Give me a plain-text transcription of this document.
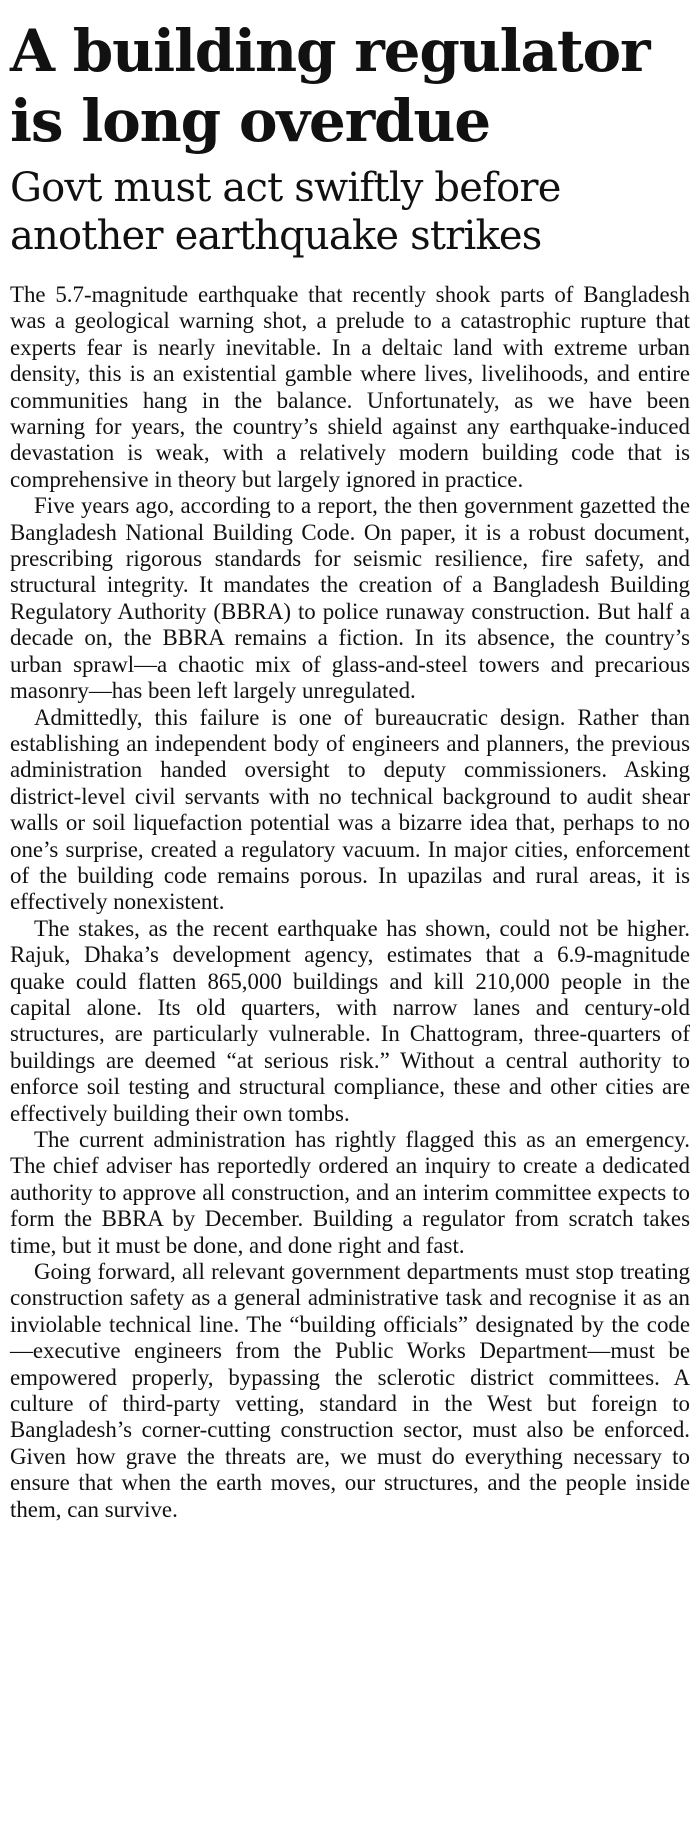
A building regulator is long overdue
Govt must act swiftly before another earthquake strikes

The 5.7-magnitude earthquake that recently shook parts of Bangladesh was a geological warning shot, a prelude to a catastrophic rupture that experts fear is nearly inevitable. In a deltaic land with extreme urban density, this is an existential gamble where lives, livelihoods, and entire communities hang in the balance. Unfortunately, as we have been warning for years, the country’s shield against any earthquake-induced devastation is weak, with a relatively modern building code that is comprehensive in theory but largely ignored in practice.

Five years ago, according to a report, the then government gazetted the Bangladesh National Building Code. On paper, it is a robust document, prescribing rigorous standards for seismic resilience, fire safety, and structural integrity. It mandates the creation of a Bangladesh Building Regulatory Authority (BBRA) to police runaway construction. But half a decade on, the BBRA remains a fiction. In its absence, the country’s urban sprawl—a chaotic mix of glass-and-steel towers and precarious masonry—has been left largely unregulated.

Admittedly, this failure is one of bureaucratic design. Rather than establishing an independent body of engineers and planners, the previous administration handed oversight to deputy commissioners. Asking district-level civil servants with no technical background to audit shear walls or soil liquefaction potential was a bizarre idea that, perhaps to no one’s surprise, created a regulatory vacuum. In major cities, enforcement of the building code remains porous. In upazilas and rural areas, it is effectively nonexistent.

The stakes, as the recent earthquake has shown, could not be higher. Rajuk, Dhaka’s development agency, estimates that a 6.9-magnitude quake could flatten 865,000 buildings and kill 210,000 people in the capital alone. Its old quarters, with narrow lanes and century-old structures, are particularly vulnerable. In Chattogram, three-quarters of buildings are deemed “at serious risk.” Without a central authority to enforce soil testing and structural compliance, these and other cities are effectively building their own tombs.

The current administration has rightly flagged this as an emergency. The chief adviser has reportedly ordered an inquiry to create a dedicated authority to approve all construction, and an interim committee expects to form the BBRA by December. Building a regulator from scratch takes time, but it must be done, and done right and fast.

Going forward, all relevant government departments must stop treating construction safety as a general administrative task and recognise it as an inviolable technical line. The “building officials” designated by the code—executive engineers from the Public Works Department—must be empowered properly, bypassing the sclerotic district committees. A culture of third-party vetting, standard in the West but foreign to Bangladesh’s corner-cutting construction sector, must also be enforced. Given how grave the threats are, we must do everything necessary to ensure that when the earth moves, our structures, and the people inside them, can survive.
